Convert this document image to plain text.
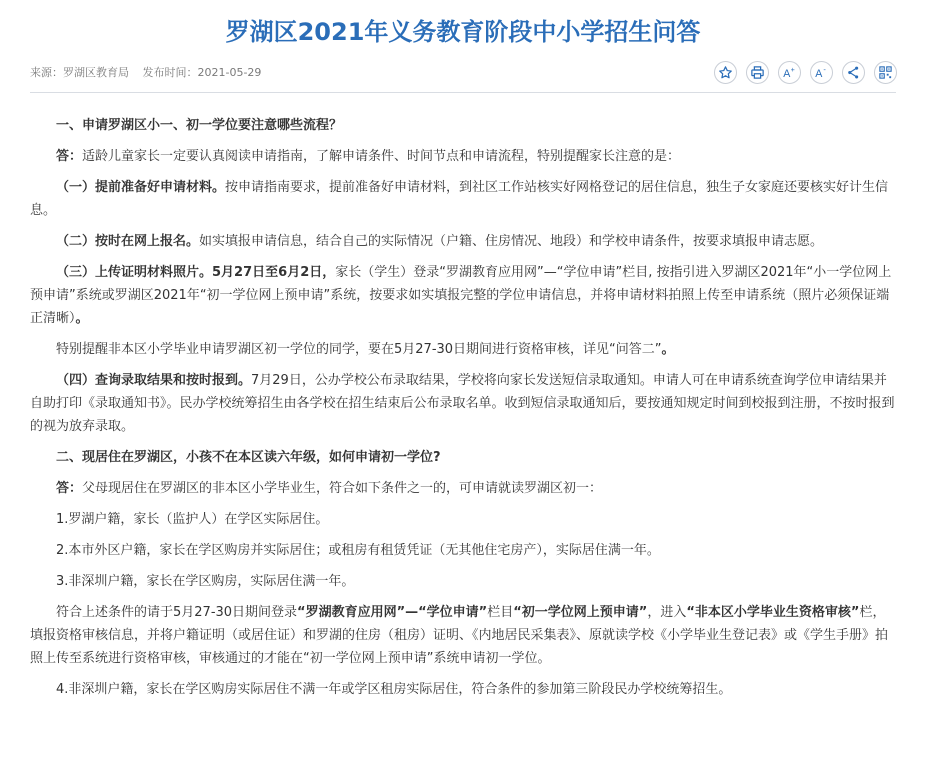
罗湖区2021年义务教育阶段中小学招生问答
来源：罗湖区教育局 发布时间：2021-05-29	A + A -

一、申请罗湖区小一、初一学位要注意哪些流程？

答：适龄儿童家长一定要认真阅读申请指南，了解申请条件、时间节点和申请流程，特别提醒家长注意的是：

（一）提前准备好申请材料。按申请指南要求，提前准备好申请材料，到社区工作站核实好网格登记的居住信息，独生子女家庭还要核实好计生信息。

（二）按时在网上报名。如实填报申请信息，结合自己的实际情况（户籍、住房情况、地段）和学校申请条件，按要求填报申请志愿。

（三）上传证明材料照片。5月27日至6月2日，家长（学生）登录“罗湖教育应用网”—“学位申请”栏目, 按指引进入罗湖区2021年“小一学位网上预申请”系统或罗湖区2021年“初一学位网上预申请”系统，按要求如实填报完整的学位申请信息，并将申请材料拍照上传至申请系统（照片必须保证端正清晰）。

特别提醒非本区小学毕业申请罗湖区初一学位的同学，要在5月27-30日期间进行资格审核，详见“问答二”。

（四）查询录取结果和按时报到。7月29日，公办学校公布录取结果，学校将向家长发送短信录取通知。申请人可在申请系统查询学位申请结果并自助打印《录取通知书》。民办学校统筹招生由各学校在招生结束后公布录取名单。收到短信录取通知后，要按通知规定时间到校报到注册，不按时报到的视为放弃录取。

二、现居住在罗湖区，小孩不在本区读六年级，如何申请初一学位?

答：父母现居住在罗湖区的非本区小学毕业生，符合如下条件之一的，可申请就读罗湖区初一：

1.罗湖户籍，家长（监护人）在学区实际居住。

2.本市外区户籍，家长在学区购房并实际居住；或租房有租赁凭证（无其他住宅房产），实际居住满一年。

3.非深圳户籍，家长在学区购房，实际居住满一年。

符合上述条件的请于5月27-30日期间登录“罗湖教育应用网”—“学位申请”栏目“初一学位网上预申请”，进入“非本区小学毕业生资格审核”栏，填报资格审核信息，并将户籍证明（或居住证）和罗湖的住房（租房）证明、《内地居民采集表》、原就读学校《小学毕业生登记表》或《学生手册》拍照上传至系统进行资格审核，审核通过的才能在“初一学位网上预申请”系统申请初一学位。

4.非深圳户籍，家长在学区购房实际居住不满一年或学区租房实际居住，符合条件的参加第三阶段民办学校统筹招生。
